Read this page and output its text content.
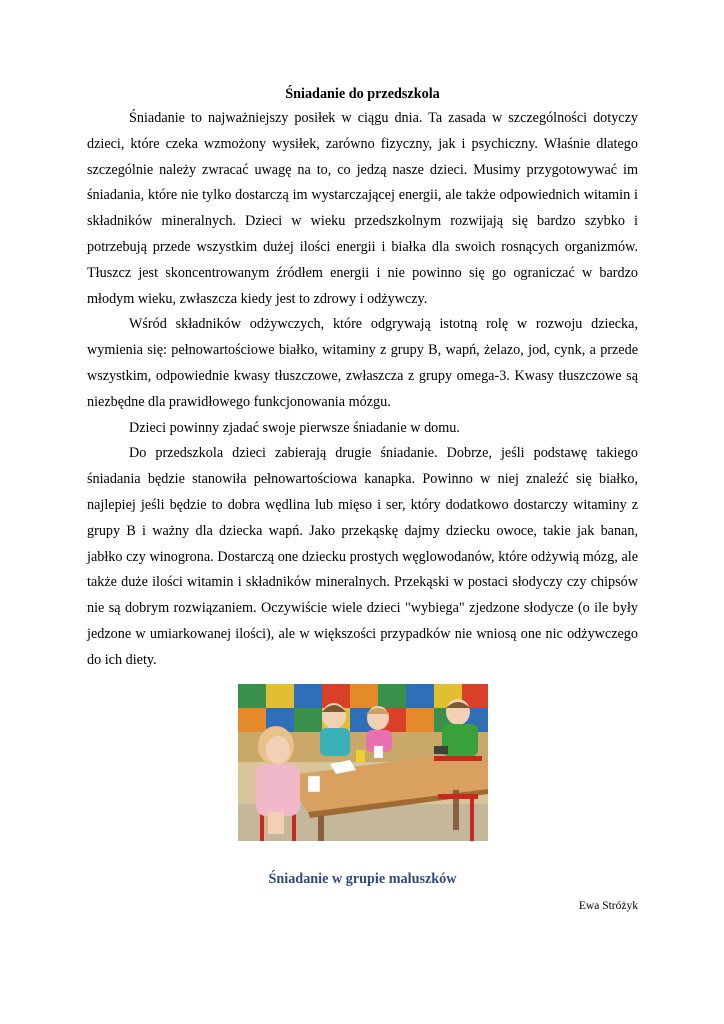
Śniadanie do przedszkola

Śniadanie to najważniejszy posiłek w ciągu dnia. Ta zasada w szczególności dotyczy dzieci, które czeka wzmożony wysiłek, zarówno fizyczny, jak i psychiczny. Właśnie dlatego szczególnie należy zwracać uwagę na to, co jedzą nasze dzieci. Musimy przygotowywać im śniadania, które nie tylko dostarczą im wystarczającej energii, ale także odpowiednich witamin i składników mineralnych. Dzieci w wieku przedszkolnym rozwijają się bardzo szybko i potrzebują przede wszystkim dużej ilości energii i białka dla swoich rosnących organizmów. Tłuszcz jest skoncentrowanym źródłem energii i nie powinno się go ograniczać w bardzo młodym wieku, zwłaszcza kiedy jest to zdrowy i odżywczy.

Wśród składników odżywczych, które odgrywają istotną rolę w rozwoju dziecka, wymienia się: pełnowartościowe białko, witaminy z grupy B, wapń, żelazo, jod, cynk, a przede wszystkim, odpowiednie kwasy tłuszczowe, zwłaszcza z grupy omega-3. Kwasy tłuszczowe są niezbędne dla prawidłowego funkcjonowania mózgu.

Dzieci powinny zjadać swoje pierwsze śniadanie w domu.

Do przedszkola dzieci zabierają drugie śniadanie. Dobrze, jeśli podstawę takiego śniadania będzie stanowiła pełnowartościowa kanapka. Powinno w niej znaleźć się białko, najlepiej jeśli będzie to dobra wędlina lub mięso i ser, który dodatkowo dostarczy witaminy z grupy B i ważny dla dziecka wapń. Jako przekąskę dajmy dziecku owoce, takie jak banan, jabłko czy winogrona. Dostarczą one dziecku prostych węglowodanów, które odżywią mózg, ale także duże ilości witamin i składników mineralnych. Przekąski w postaci słodyczy czy chipsów nie są dobrym rozwiązaniem. Oczywiście wiele dzieci "wybiega" zjedzone słodycze (o ile były jedzone w umiarkowanej ilości), ale w większości przypadków nie wniosą one nic odżywczego do ich diety.

Śniadanie w grupie maluszków

Ewa Stróżyk
